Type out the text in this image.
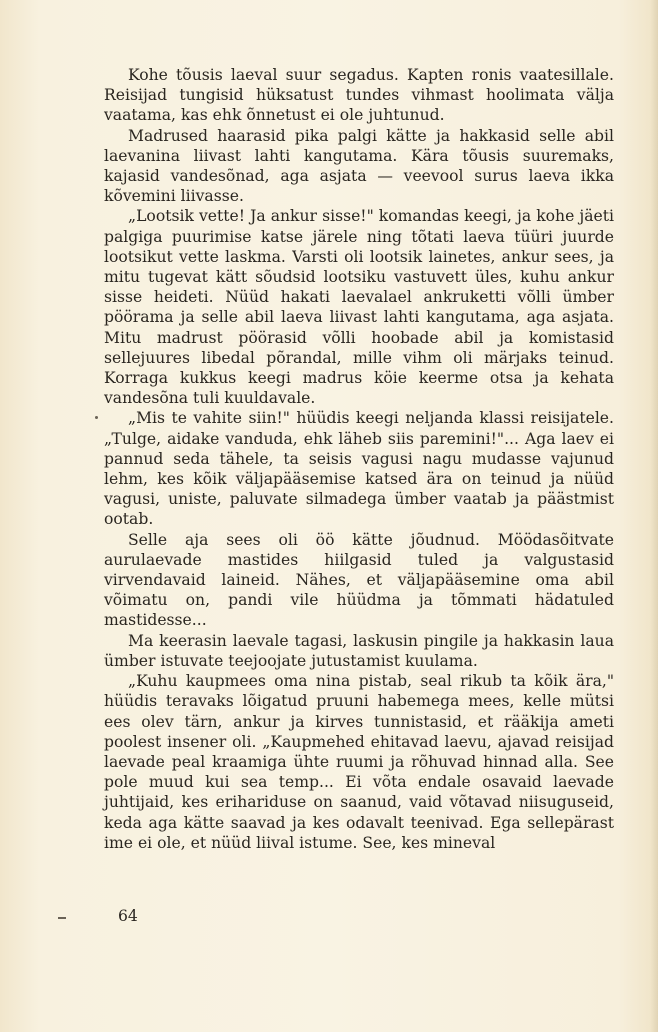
Kohe tõusis laeval suur segadus. Kapten ronis vaatesillale. Reisijad tungisid hüksatust tundes vihmast hoolimata välja vaatama, kas ehk õnnetust ei ole juhtunud.

Madrused haarasid pika palgi kätte ja hakkasid selle abil laevanina liivast lahti kangutama. Kära tõusis suuremaks, kajasid vandesõnad, aga asjata — veevool surus laeva ikka kõvemini liivasse.

„Lootsik vette! Ja ankur sisse!" komandas keegi, ja kohe jäeti palgiga puurimise katse järele ning tõtati laeva tüüri juurde lootsikut vette laskma. Varsti oli lootsik lainetes, ankur sees, ja mitu tugevat kätt sõudsid lootsiku vastuvett üles, kuhu ankur sisse heideti. Nüüd hakati laevalael ankruketti võlli ümber pöörama ja selle abil laeva liivast lahti kangutama, aga asjata. Mitu madrust pöörasid võlli hoobade abil ja komistasid sellejuures libedal põrandal, mille vihm oli märjaks teinud. Korraga kukkus keegi madrus köie keerme otsa ja kehata vandesõna tuli kuuldavale.

„Mis te vahite siin!" hüüdis keegi neljanda klassi reisijatele. „Tulge, aidake vanduda, ehk läheb siis paremini!"... Aga laev ei pannud seda tähele, ta seisis vagusi nagu mudasse vajunud lehm, kes kõik väljapääsemise katsed ära on teinud ja nüüd vagusi, uniste, paluvate silmadega ümber vaatab ja päästmist ootab.

Selle aja sees oli öö kätte jõudnud. Möödasõitvate aurulaevade mastides hiilgasid tuled ja valgustasid virvendavaid laineid. Nähes, et väljapääsemine oma abil võimatu on, pandi vile hüüdma ja tõmmati hädatuled mastidesse...

Ma keerasin laevale tagasi, laskusin pingile ja hakkasin laua ümber istuvate teejoojate jutustamist kuulama.

„Kuhu kaupmees oma nina pistab, seal rikub ta kõik ära," hüüdis teravaks lõigatud pruuni habemega mees, kelle mütsi ees olev tärn, ankur ja kirves tunnistasid, et rääkija ameti poolest insener oli. „Kaupmehed ehitavad laevu, ajavad reisijad laevade peal kraamiga ühte ruumi ja rõhuvad hinnad alla. See pole muud kui sea temp... Ei võta endale osavaid laevade juhtijaid, kes eriharidusе on saanud, vaid võtavad niisuguseid, keda aga kätte saavad ja kes odavalt teenivad. Ega sellepärast ime ei ole, et nüüd liival istume. See, kes mineval

64
